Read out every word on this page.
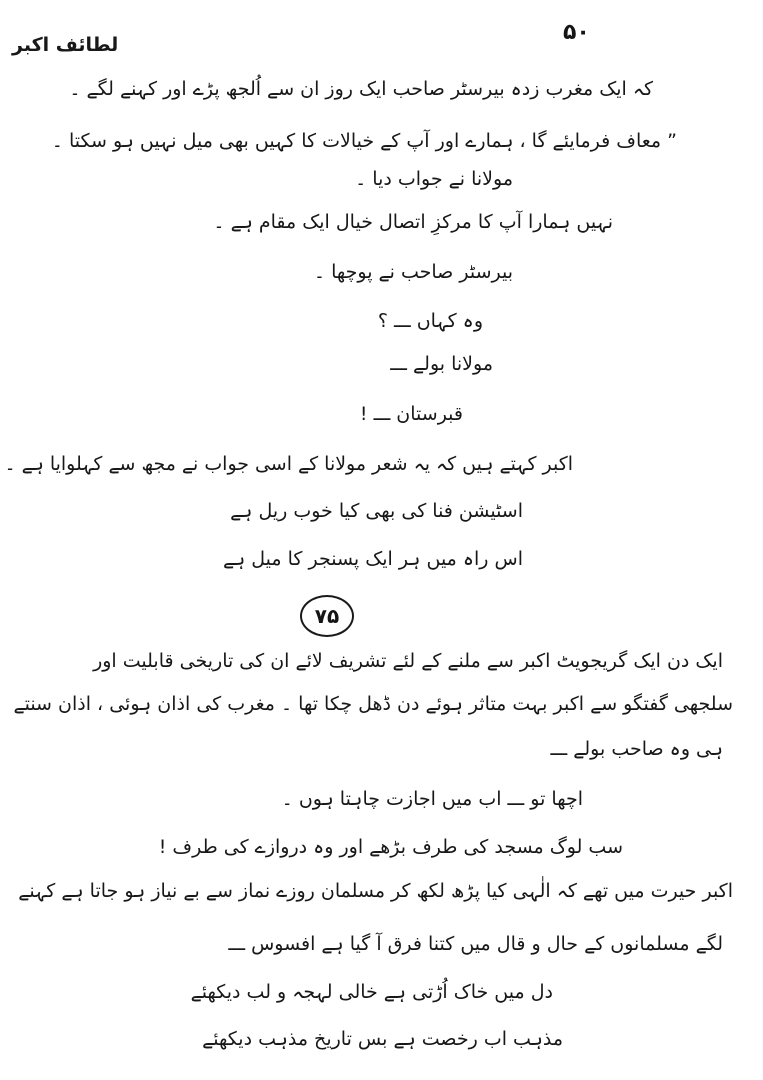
لطائف اکبر	۵۰
کہ ایک مغرب زدہ بیرسٹر صاحب ایک روز ان سے اُلجھ پڑے اور کہنے لگے ۔
” معاف فرمایئے گا ، ہمارے اور آپ کے خیالات کا کہیں بھی میل نہیں ہو سکتا ۔
مولانا نے جواب دیا ۔
نہیں ہمارا آپ کا مرکزِ اتصال خیال ایک مقام ہے ۔
بیرسٹر صاحب نے پوچھا ۔
وہ کہاں ـــ ؟
مولانا بولے ـــ
قبرستان ـــ !
اکبر کہتے ہیں کہ یہ شعر مولانا کے اسی جواب نے مجھ سے کہلوایا ہے ۔
اسٹیشن فنا کی بھی کیا خوب ریل ہے
اس راہ میں ہر ایک پسنجر کا میل ہے
۷۵
ایک دن ایک گریجویٹ اکبر سے ملنے کے لئے تشریف لائے ان کی تاریخی قابلیت اور
سلجھی گفتگو سے اکبر بہت متاثر ہوئے دن ڈھل چکا تھا ۔ مغرب کی اذان ہوئی ، اذان سنتے
ہی وہ صاحب بولے ـــ
اچھا تو ـــ اب میں اجازت چاہتا ہوں ۔
سب لوگ مسجد کی طرف بڑھے اور وہ دروازے کی طرف !
اکبر حیرت میں تھے کہ الٰہی کیا پڑھ لکھ کر مسلمان روزے نماز سے بے نیاز ہو جاتا ہے کہنے
لگے مسلمانوں کے حال و قال میں کتنا فرق آ گیا ہے افسوس ـــ
دل میں خاک اُڑتی ہے خالی لہجہ و لب دیکھئے
مذہب اب رخصت ہے بس تاریخ مذہب دیکھئے
